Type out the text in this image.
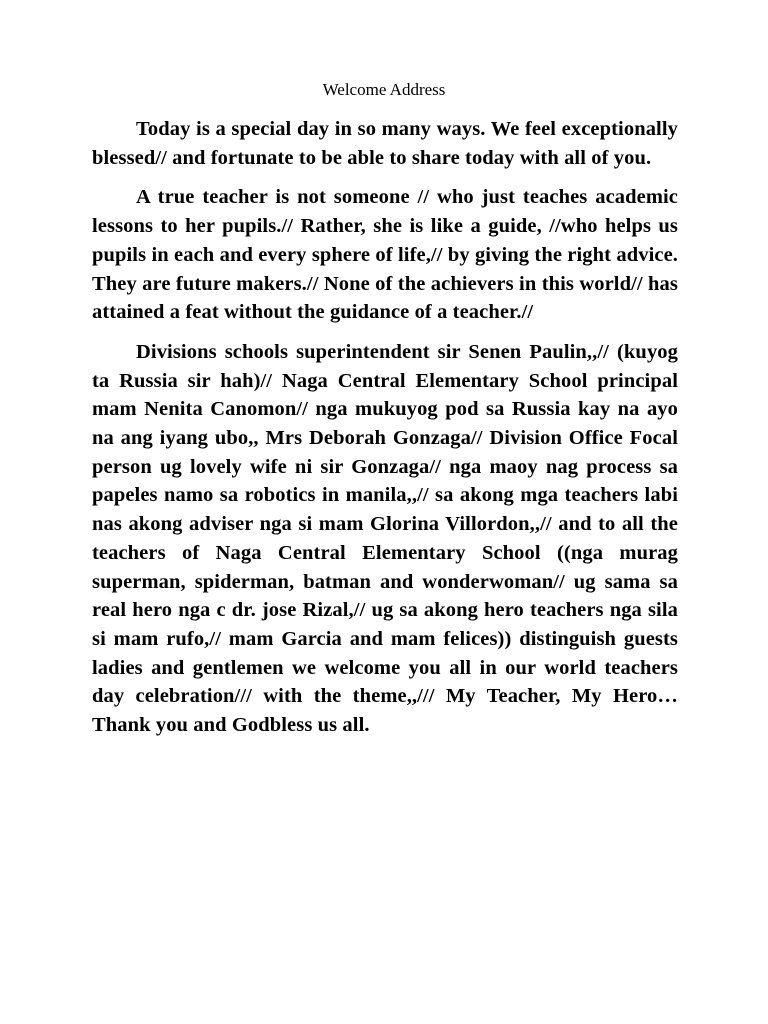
Welcome Address

Today is a special day in so many ways. We feel exceptionally blessed// and fortunate to be able to share today with all of you.

A true teacher is not someone // who just teaches academic lessons to her pupils.// Rather, she is like a guide, //who helps us pupils in each and every sphere of life,// by giving the right advice. They are future makers.// None of the achievers in this world// has attained a feat without the guidance of a teacher.//

Divisions schools superintendent sir Senen Paulin,,// (kuyog ta Russia sir hah)// Naga Central Elementary School principal mam Nenita Canomon// nga mukuyog pod sa Russia kay na ayo na ang iyang ubo,, Mrs Deborah Gonzaga// Division Office Focal person ug lovely wife ni sir Gonzaga// nga maoy nag process sa papeles namo sa robotics in manila,,// sa akong mga teachers labi nas akong adviser nga si mam Glorina Villordon,,// and to all the teachers of Naga Central Elementary School ((nga murag superman, spiderman, batman and wonderwoman// ug sama sa real hero nga c dr. jose Rizal,// ug sa akong hero teachers nga sila si mam rufo,// mam Garcia and mam felices)) distinguish guests ladies and gentlemen we welcome you all in our world teachers day celebration/// with the theme,,/// My Teacher, My Hero… Thank you and Godbless us all.
